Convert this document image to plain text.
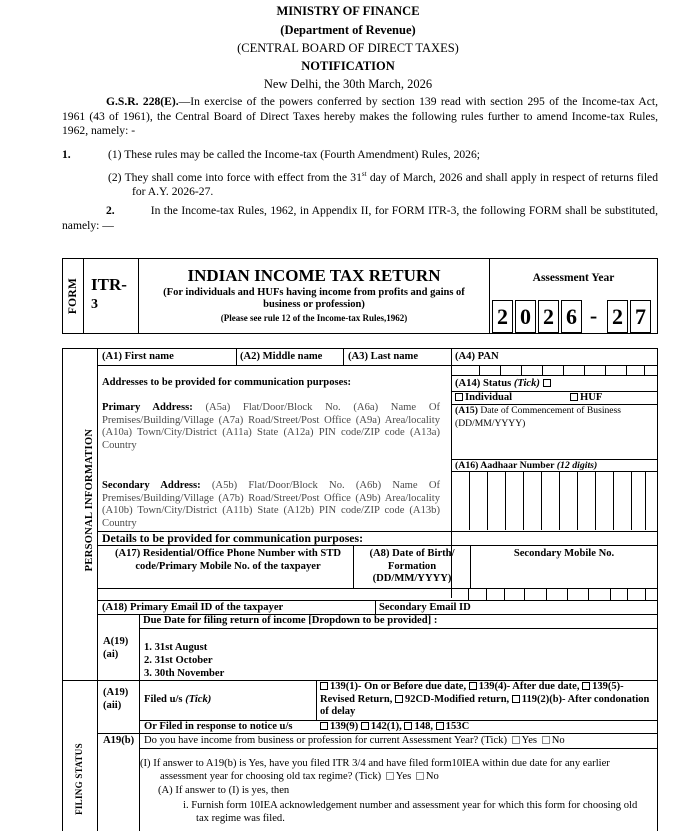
MINISTRY OF FINANCE
(Department of Revenue)
(CENTRAL BOARD OF DIRECT TAXES)
NOTIFICATION
New Delhi, the 30th March, 2026
G.S.R. 228(E).—In exercise of the powers conferred by section 139 read with section 295 of the Income-tax Act, 1961 (43 of 1961), the Central Board of Direct Taxes hereby makes the following rules further to amend Income-tax Rules, 1962, namely: -
1.	(1) These rules may be called the Income-tax (Fourth Amendment) Rules, 2026;
(2) They shall come into force with effect from the 31st day of March, 2026 and shall apply in respect of returns filed for A.Y. 2026-27.
2.	In the Income-tax Rules, 1962, in Appendix II, for FORM ITR-3, the following FORM shall be substituted, namely: —
FORM ITR-
3
INDIAN INCOME TAX RETURN
(For individuals and HUFs having income from profits and gains of business or profession)
(Please see rule 12 of the Income-tax Rules,1962)
Assessment Year
2 0 2 6 - 2 7
(A1) First name	(A2) Middle name (A3) Last name	(A4) PAN
Addresses to be provided for communication purposes:	(A14) Status (Tick)
Individual	HUF
(A15) Date of Commencement of Business (DD/MM/YYYY)
Primary Address: (A5a) Flat/Door/Block No. (A6a) Name Of Premises/Building/Village (A7a) Road/Street/Post Office (A9a) Area/locality (A10a) Town/City/District (A11a) State (A12a) PIN code/ZIP code (A13a) Country
(A16) Aadhaar Number (12 digits)
Secondary Address: (A5b) Flat/Door/Block No. (A6b) Name Of Premises/Building/Village (A7b) Road/Street/Post Office (A9b) Area/locality (A10b) Town/City/District (A11b) State (A12b) PIN code/ZIP code (A13b) Country
Details to be provided for communication purposes:
(A17) Residential/Office Phone Number with STD code/Primary Mobile No. of the taxpayer
(A8) Date of Birth/ Formation (DD/MM/YYYY)
Secondary Mobile No.
(A18) Primary Email ID of the taxpayer	Secondary Email ID
Due Date for filing return of income [Dropdown to be provided] :
A(19) (ai)
1. 31st August
2. 31st October
3. 30th November
PERSONAL INFORMATION
(A19) (aii)	Filed u/s (Tick)
139(1)- On or Before due date, 139(4)- After due date, 139(5)- Revised Return, 92CD-Modified return, 119(2)(b)- After condonation of delay
Or Filed in response to notice u/s	139(9) 142(1), 148, 153C
A19(b) Do you have income from business or profession for current Assessment Year? (Tick) Yes No
(I) If answer to A19(b) is Yes, have you filed ITR 3/4 and have filed form10IEA within due date for any earlier assessment year for choosing old tax regime? (Tick) Yes No
(A) If answer to (I) is yes, then
i. Furnish form 10IEA acknowledgement number and assessment year for which this form for choosing old tax regime was filed.
FILING STATUS
